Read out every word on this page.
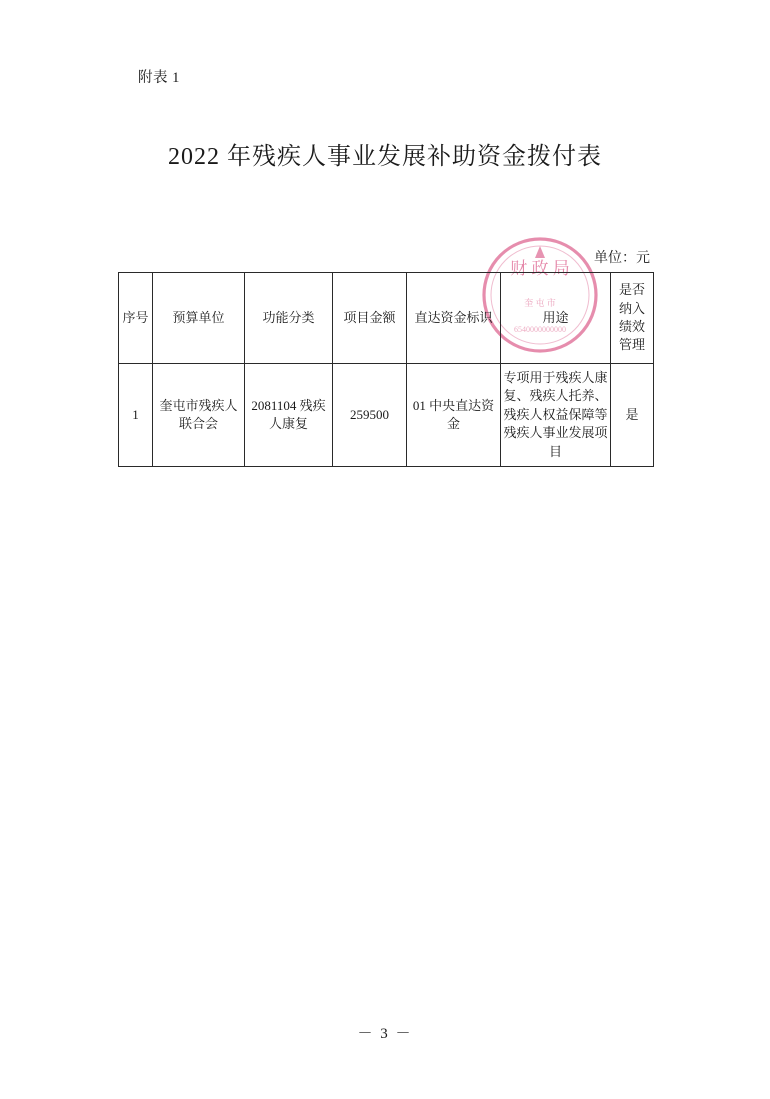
附表 1
2022 年残疾人事业发展补助资金拨付表
单位：元
财 政 局
奎 屯 市
6540000000000
序号	预算单位	功能分类	项目金额	直达资金标识	用途	是否纳入绩效管理
1	奎屯市残疾人联合会	2081104 残疾人康复	259500	01 中央直达资金	专项用于残疾人康复、残疾人托养、残疾人权益保障等残疾人事业发展项目	是
－ 3 －
